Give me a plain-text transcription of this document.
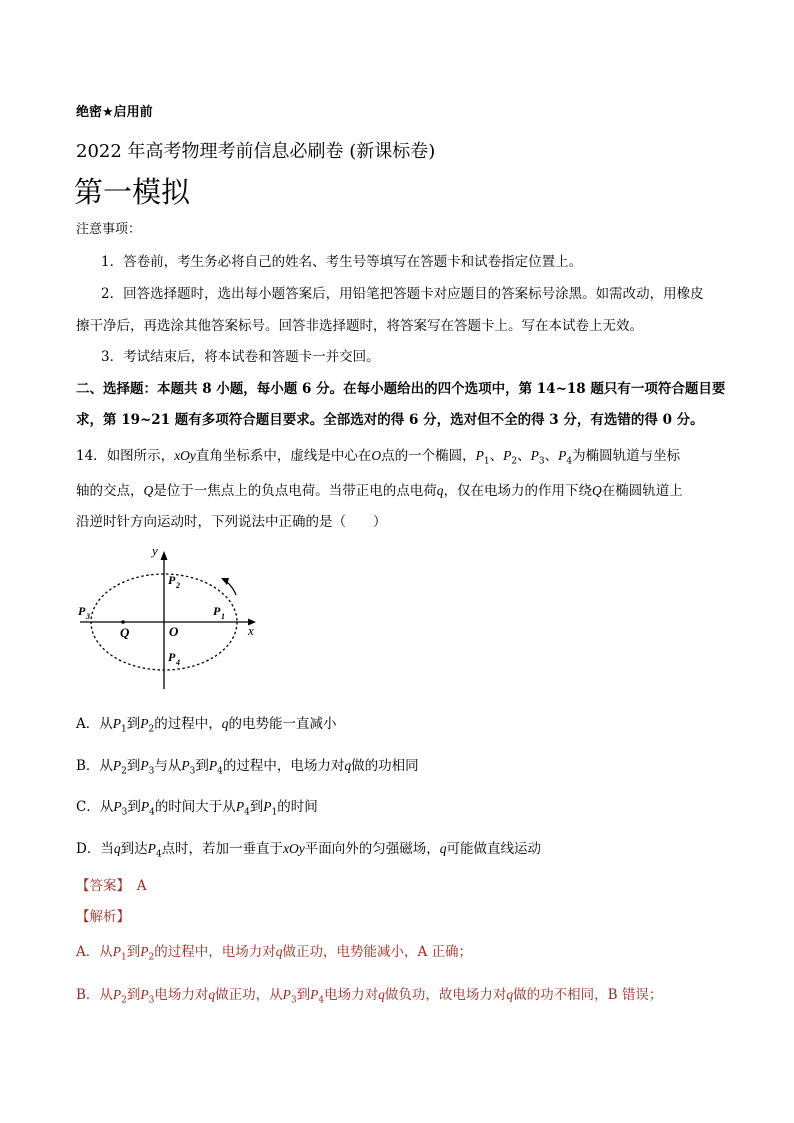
绝密★启用前
2022 年高考物理考前信息必刷卷 (新课标卷)
第一模拟
注意事项：
1．答卷前，考生务必将自己的姓名、考生号等填写在答题卡和试卷指定位置上。
2．回答选择题时，选出每小题答案后，用铅笔把答题卡对应题目的答案标号涂黑。如需改动，用橡皮
擦干净后，再选涂其他答案标号。回答非选择题时，将答案写在答题卡上。写在本试卷上无效。
3．考试结束后，将本试卷和答题卡一并交回。
二、选择题：本题共 8 小题，每小题 6 分。在每小题给出的四个选项中，第 14~18 题只有一项符合题目要
求，第 19~21 题有多项符合题目要求。全部选对的得 6 分，选对但不全的得 3 分，有选错的得 0 分。
14．如图所示，xOy直角坐标系中，虚线是中心在O点的一个椭圆，$P_1$、$P_2$、$P_3$、$P_4$为椭圆轨道与坐标
轴的交点，Q是位于一焦点上的负点电荷。当带正电的点电荷q，仅在电场力的作用下绕Q在椭圆轨道上
沿逆时针方向运动时，下列说法中正确的是（　　）
y
x
O
Q
P 2
P 1
P 3
P 4
A．从$P_1$到$P_2$的过程中，q的电势能一直减小
B．从$P_2$到$P_3$与从$P_3$到$P_4$的过程中，电场力对q做的功相同
C．从$P_3$到$P_4$的时间大于从$P_4$到$P_1$的时间
D．当q到达$P_4$点时，若加一垂直于xOy平面向外的匀强磁场，q可能做直线运动
【答案】　 A
【解析】
A．从$P_1$到$P_2$的过程中，电场力对q做正功，电势能减小，A 正确；
B．从$P_2$到$P_3$电场力对q做正功，从$P_3$到$P_4$电场力对q做负功，故电场力对q做的功不相同，B 错误；
